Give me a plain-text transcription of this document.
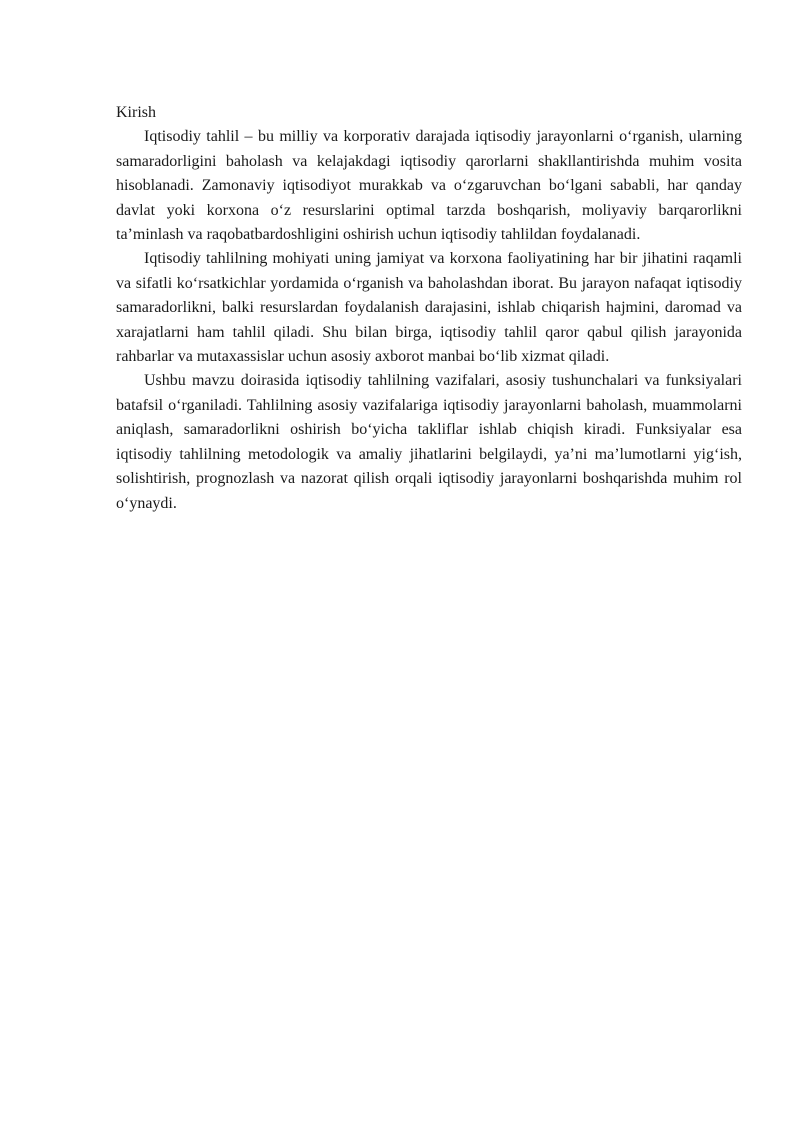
Kirish

Iqtisodiy tahlil – bu milliy va korporativ darajada iqtisodiy jarayonlarni o‘rganish, ularning samaradorligini baholash va kelajakdagi iqtisodiy qarorlarni shakllantirishda muhim vosita hisoblanadi. Zamonaviy iqtisodiyot murakkab va o‘zgaruvchan bo‘lgani sababli, har qanday davlat yoki korxona o‘z resurslarini optimal tarzda boshqarish, moliyaviy barqarorlikni ta’minlash va raqobatbardoshligini oshirish uchun iqtisodiy tahlildan foydalanadi.

Iqtisodiy tahlilning mohiyati uning jamiyat va korxona faoliyatining har bir jihatini raqamli va sifatli ko‘rsatkichlar yordamida o‘rganish va baholashdan iborat. Bu jarayon nafaqat iqtisodiy samaradorlikni, balki resurslardan foydalanish darajasini, ishlab chiqarish hajmini, daromad va xarajatlarni ham tahlil qiladi. Shu bilan birga, iqtisodiy tahlil qaror qabul qilish jarayonida rahbarlar va mutaxassislar uchun asosiy axborot manbai bo‘lib xizmat qiladi.

Ushbu mavzu doirasida iqtisodiy tahlilning vazifalari, asosiy tushunchalari va funksiyalari batafsil o‘rganiladi. Tahlilning asosiy vazifalariga iqtisodiy jarayonlarni baholash, muammolarni aniqlash, samaradorlikni oshirish bo‘yicha takliflar ishlab chiqish kiradi. Funksiyalar esa iqtisodiy tahlilning metodologik va amaliy jihatlarini belgilaydi, ya’ni ma’lumotlarni yig‘ish, solishtirish, prognozlash va nazorat qilish orqali iqtisodiy jarayonlarni boshqarishda muhim rol o‘ynaydi.
